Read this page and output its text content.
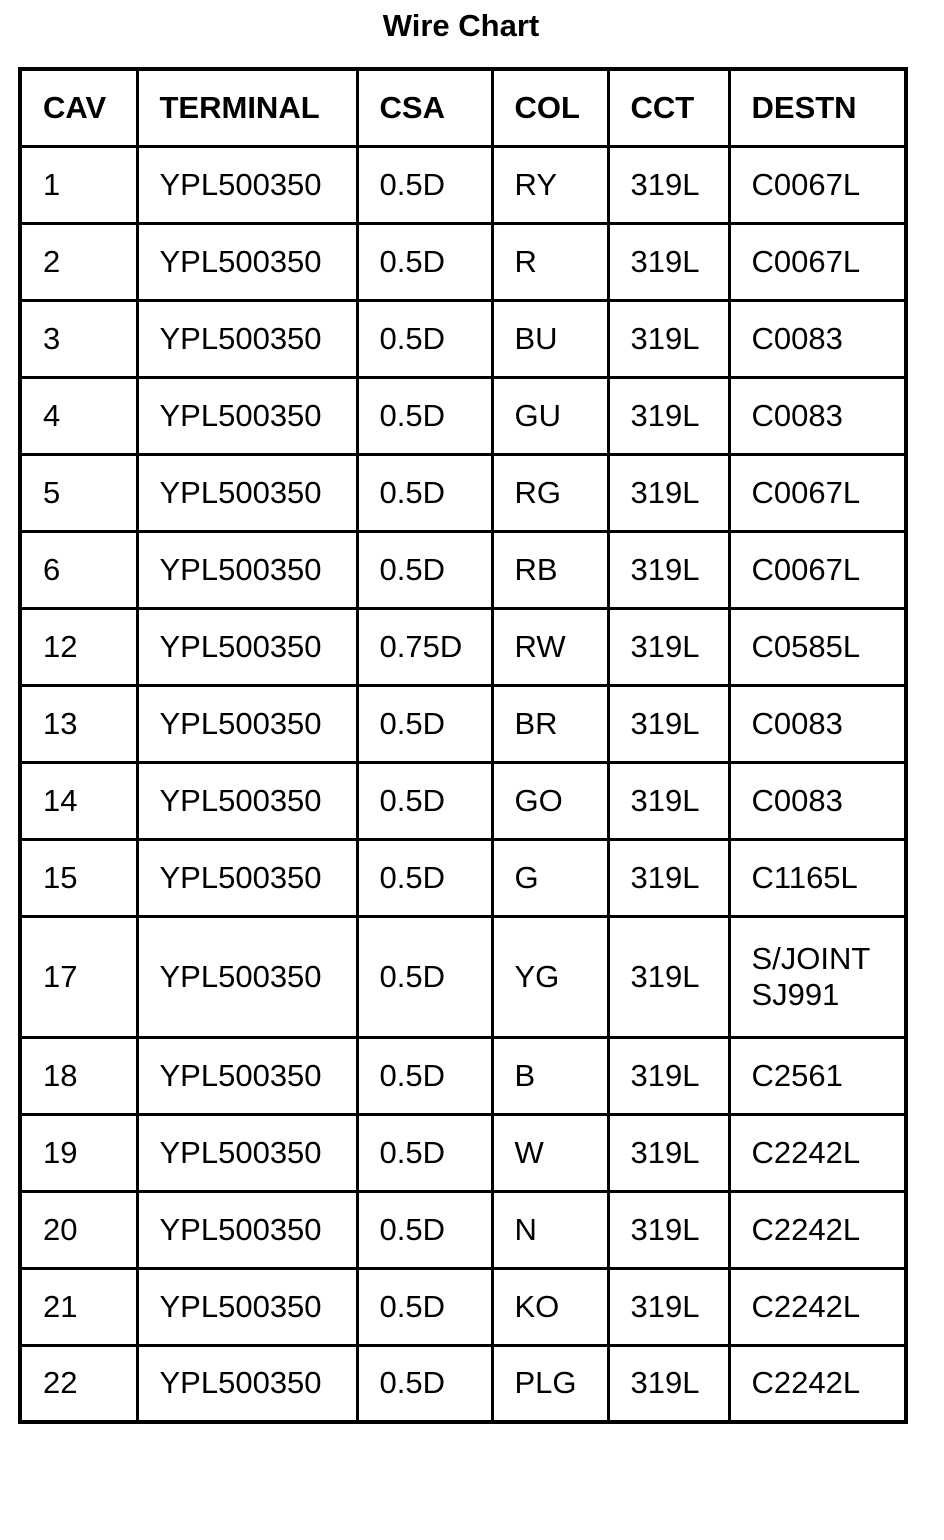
Wire Chart
CAV	TERMINAL	CSA	COL	CCT	DESTN
1	YPL500350	0.5D	RY	319L	C0067L
2	YPL500350	0.5D	R	319L	C0067L
3	YPL500350	0.5D	BU	319L	C0083
4	YPL500350	0.5D	GU	319L	C0083
5	YPL500350	0.5D	RG	319L	C0067L
6	YPL500350	0.5D	RB	319L	C0067L
12	YPL500350	0.75D	RW	319L	C0585L
13	YPL500350	0.5D	BR	319L	C0083
14	YPL500350	0.5D	GO	319L	C0083
15	YPL500350	0.5D	G	319L	C1165L
17	YPL500350	0.5D	YG	319L	S/JOINT
SJ991
18	YPL500350	0.5D	B	319L	C2561
19	YPL500350	0.5D	W	319L	C2242L
20	YPL500350	0.5D	N	319L	C2242L
21	YPL500350	0.5D	KO	319L	C2242L
22	YPL500350	0.5D	PLG	319L	C2242L
